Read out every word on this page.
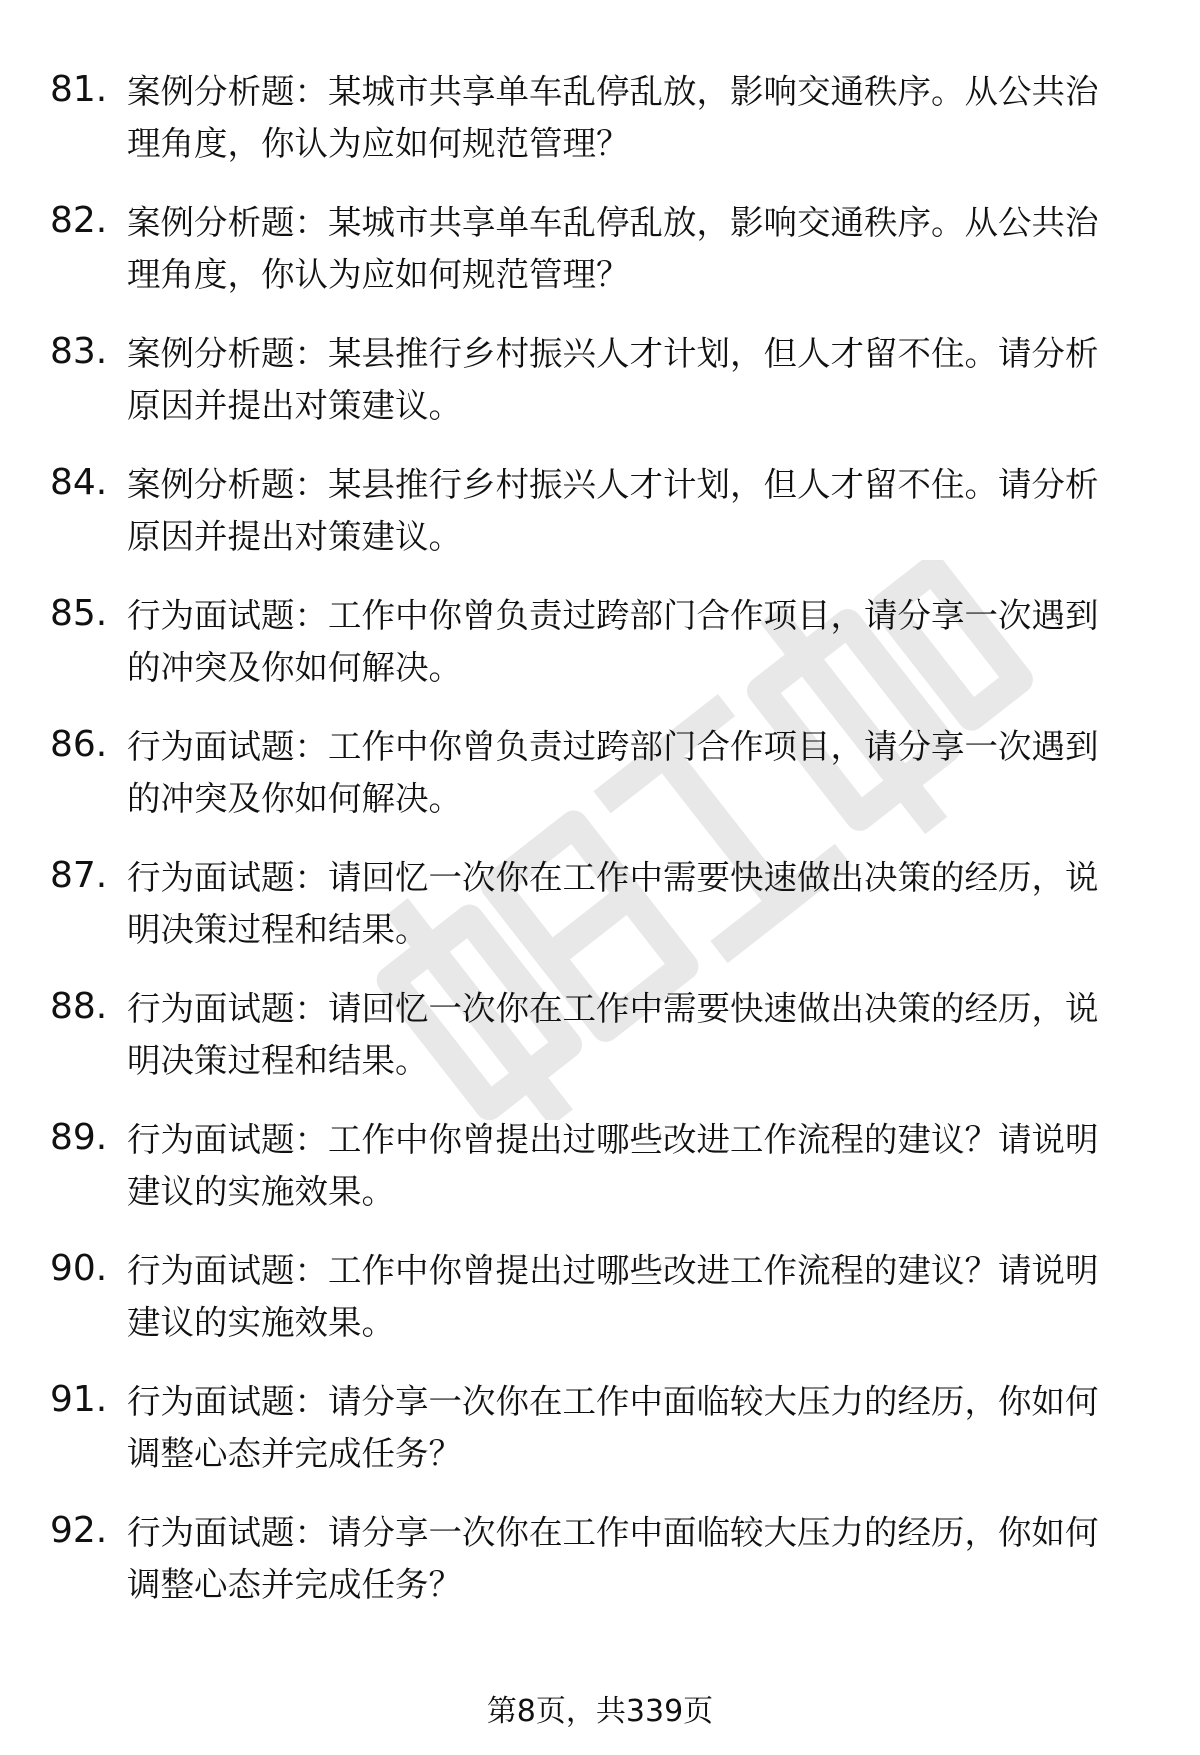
81. 案例分析题：某城市共享单车乱停乱放，影响交通秩序。从公共治理角度，你认为应如何规范管理？
82. 案例分析题：某城市共享单车乱停乱放，影响交通秩序。从公共治理角度，你认为应如何规范管理？
83. 案例分析题：某县推行乡村振兴人才计划，但人才留不住。请分析原因并提出对策建议。
84. 案例分析题：某县推行乡村振兴人才计划，但人才留不住。请分析原因并提出对策建议。
85. 行为面试题：工作中你曾负责过跨部门合作项目，请分享一次遇到的冲突及你如何解决。
86. 行为面试题：工作中你曾负责过跨部门合作项目，请分享一次遇到的冲突及你如何解决。
87. 行为面试题：请回忆一次你在工作中需要快速做出决策的经历，说明决策过程和结果。
88. 行为面试题：请回忆一次你在工作中需要快速做出决策的经历，说明决策过程和结果。
89. 行为面试题：工作中你曾提出过哪些改进工作流程的建议？请说明建议的实施效果。
90. 行为面试题：工作中你曾提出过哪些改进工作流程的建议？请说明建议的实施效果。
91. 行为面试题：请分享一次你在工作中面临较大压力的经历，你如何调整心态并完成任务？
92. 行为面试题：请分享一次你在工作中面临较大压力的经历，你如何调整心态并完成任务？
第8页，共339页
